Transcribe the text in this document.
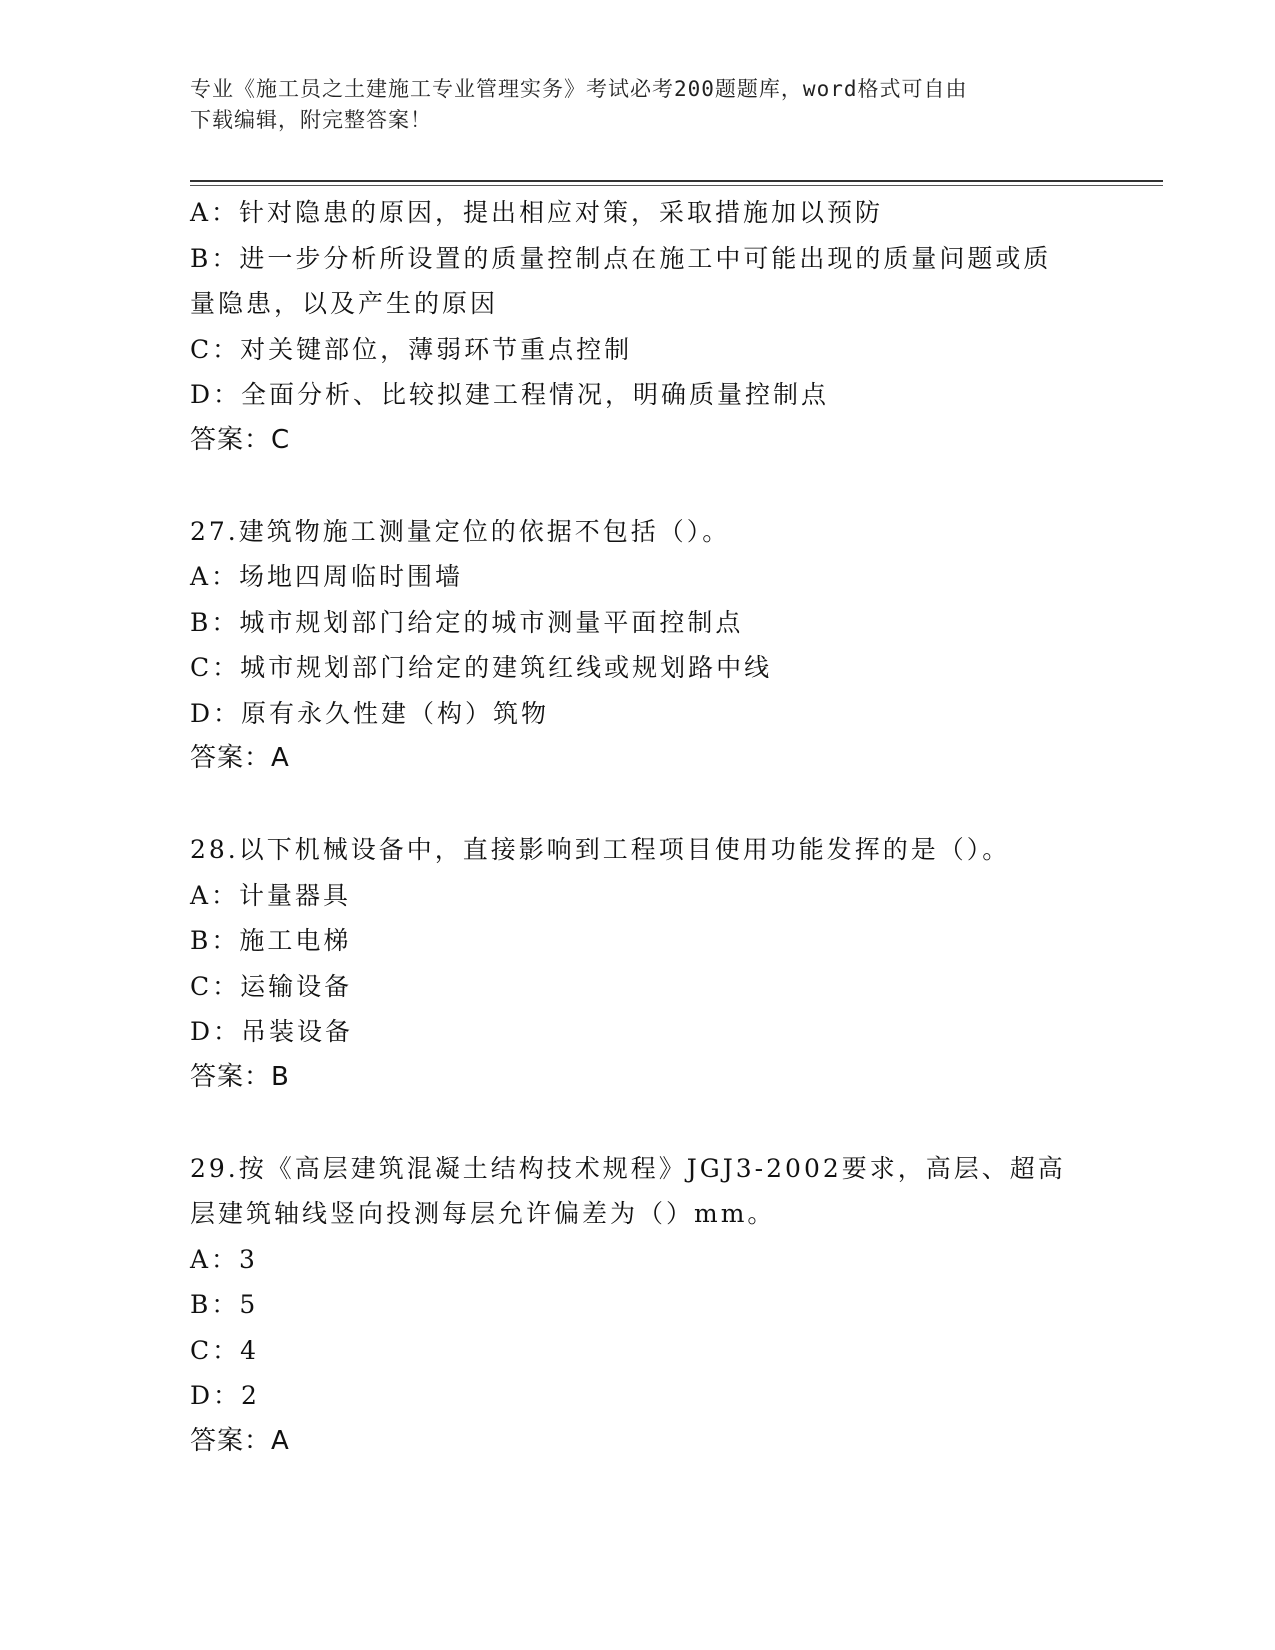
专业《施工员之土建施工专业管理实务》考试必考200题题库，word格式可自由
下载编辑，附完整答案！

A：针对隐患的原因，提出相应对策，采取措施加以预防

B：进一步分析所设置的质量控制点在施工中可能出现的质量问题或质

量隐患，以及产生的原因

C：对关键部位，薄弱环节重点控制

D：全面分析、比较拟建工程情况，明确质量控制点

答案：C

27.建筑物施工测量定位的依据不包括（）。

A：场地四周临时围墙

B：城市规划部门给定的城市测量平面控制点

C：城市规划部门给定的建筑红线或规划路中线

D：原有永久性建（构）筑物

答案：A

28.以下机械设备中，直接影响到工程项目使用功能发挥的是（）。

A：计量器具

B：施工电梯

C：运输设备

D：吊装设备

答案：B

29.按《高层建筑混凝土结构技术规程》JGJ3-2002要求，高层、超高

层建筑轴线竖向投测每层允许偏差为（）mm。

A：3

B：5

C：4

D：2

答案：A
